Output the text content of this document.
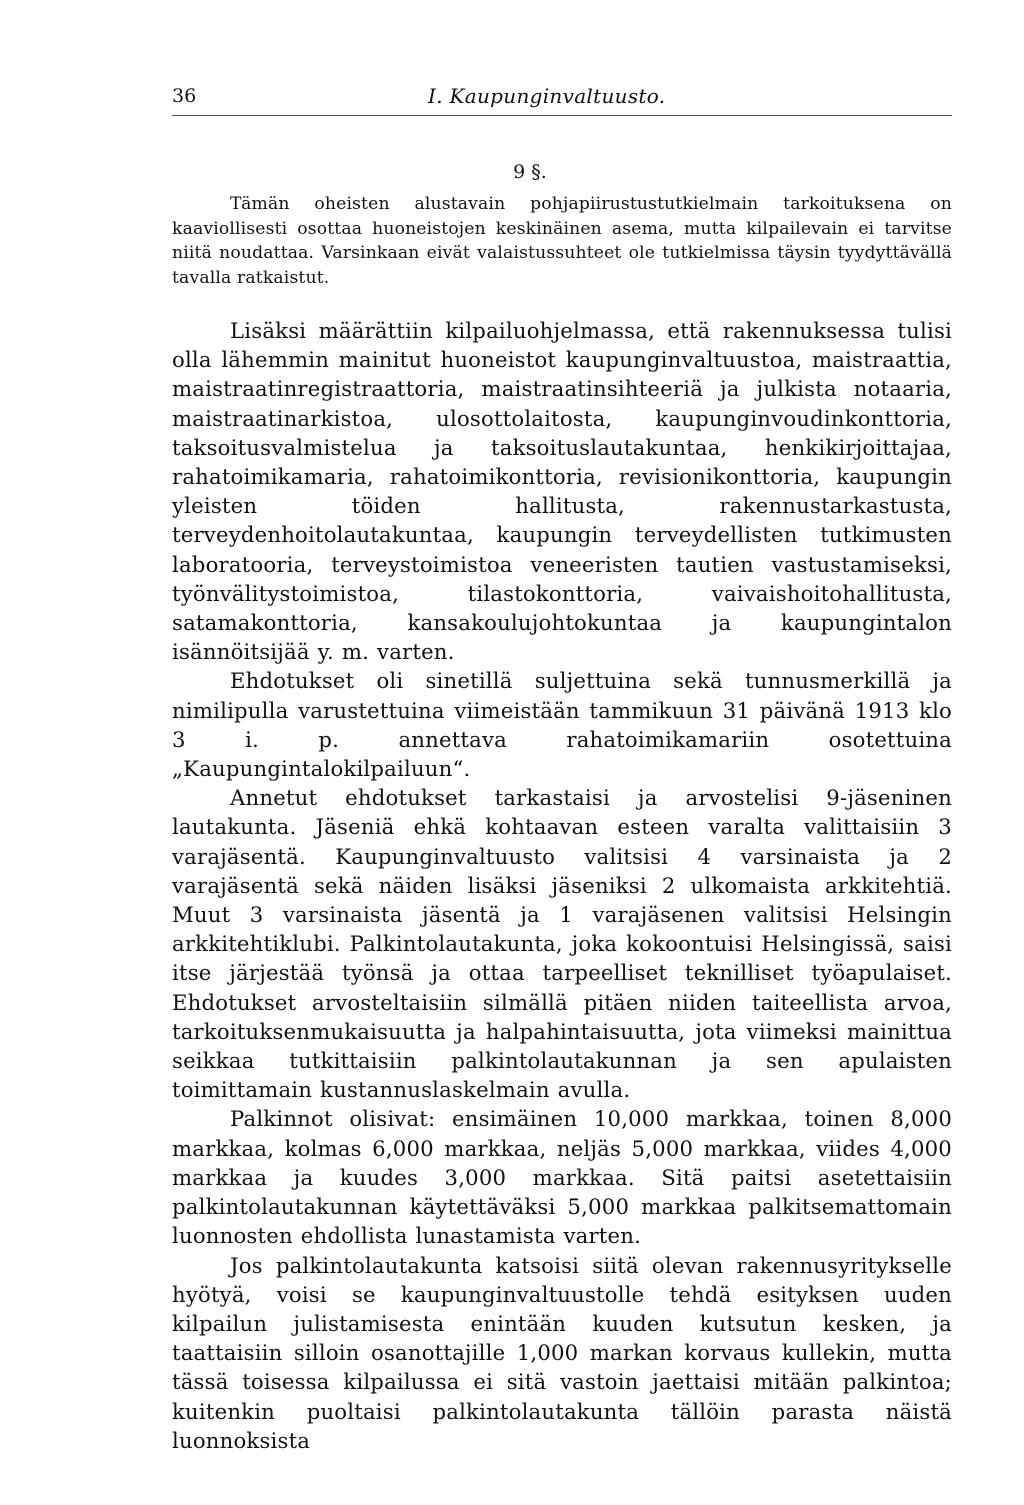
36	I. Kaupunginvaltuusto.
9 §.

Tämän oheisten alustavain pohjapiirustustutkielmain tarkoituksena on kaaviollisesti osottaa huoneistojen keskinäinen asema, mutta kilpailevain ei tarvitse niitä noudattaa. Varsinkaan eivät valaistussuhteet ole tutkielmissa täysin tyydyttävällä tavalla ratkaistut.

Lisäksi määrättiin kilpailuohjelmassa, että rakennuksessa tulisi olla lähemmin mainitut huoneistot kaupunginvaltuustoa, maistraattia, maistraatinregistraattoria, maistraatinsihteeriä ja julkista notaaria, maistraatinarkistoa, ulosottolaitosta, kaupunginvoudinkonttoria, taksoitusvalmistelua ja taksoituslautakuntaa, henkikirjoittajaa, rahatoimikamaria, rahatoimikonttoria, revisionikonttoria, kaupungin yleisten töiden hallitusta, rakennustarkastusta, terveydenhoitolautakuntaa, kaupungin terveydellisten tutkimusten laboratooria, terveystoimistoa veneeristen tautien vastustamiseksi, työnvälitystoimistoa, tilastokonttoria, vaivaishoitohallitusta, satamakonttoria, kansakoulujohtokuntaa ja kaupungintalon isännöitsijää y. m. varten.

Ehdotukset oli sinetillä suljettuina sekä tunnusmerkillä ja nimilipulla varustettuina viimeistään tammikuun 31 päivänä 1913 klo 3 i. p. annettava rahatoimikamariin osotettuina „Kaupungintalokilpailuun“.

Annetut ehdotukset tarkastaisi ja arvostelisi 9-jäseninen lautakunta. Jäseniä ehkä kohtaavan esteen varalta valittaisiin 3 varajäsentä. Kaupunginvaltuusto valitsisi 4 varsinaista ja 2 varajäsentä sekä näiden lisäksi jäseniksi 2 ulkomaista arkkitehtiä. Muut 3 varsinaista jäsentä ja 1 varajäsenen valitsisi Helsingin arkkitehtiklubi. Palkintolautakunta, joka kokoontuisi Helsingissä, saisi itse järjestää työnsä ja ottaa tarpeelliset teknilliset työapulaiset. Ehdotukset arvosteltaisiin silmällä pitäen niiden taiteellista arvoa, tarkoituksenmukaisuutta ja halpahintaisuutta, jota viimeksi mainittua seikkaa tutkittaisiin palkintolautakunnan ja sen apulaisten toimittamain kustannuslaskelmain avulla.

Palkinnot olisivat: ensimäinen 10,000 markkaa, toinen 8,000 markkaa, kolmas 6,000 markkaa, neljäs 5,000 markkaa, viides 4,000 markkaa ja kuudes 3,000 markkaa. Sitä paitsi asetettaisiin palkintolautakunnan käytettäväksi 5,000 markkaa palkitsemattomain luonnosten ehdollista lunastamista varten.

Jos palkintolautakunta katsoisi siitä olevan rakennusyritykselle hyötyä, voisi se kaupunginvaltuustolle tehdä esityksen uuden kilpailun julistamisesta enintään kuuden kutsutun kesken, ja taattaisiin silloin osanottajille 1,000 markan korvaus kullekin, mutta tässä toisessa kilpailussa ei sitä vastoin jaettaisi mitään palkintoa; kuitenkin puoltaisi palkintolautakunta tällöin parasta näistä luonnoksista
